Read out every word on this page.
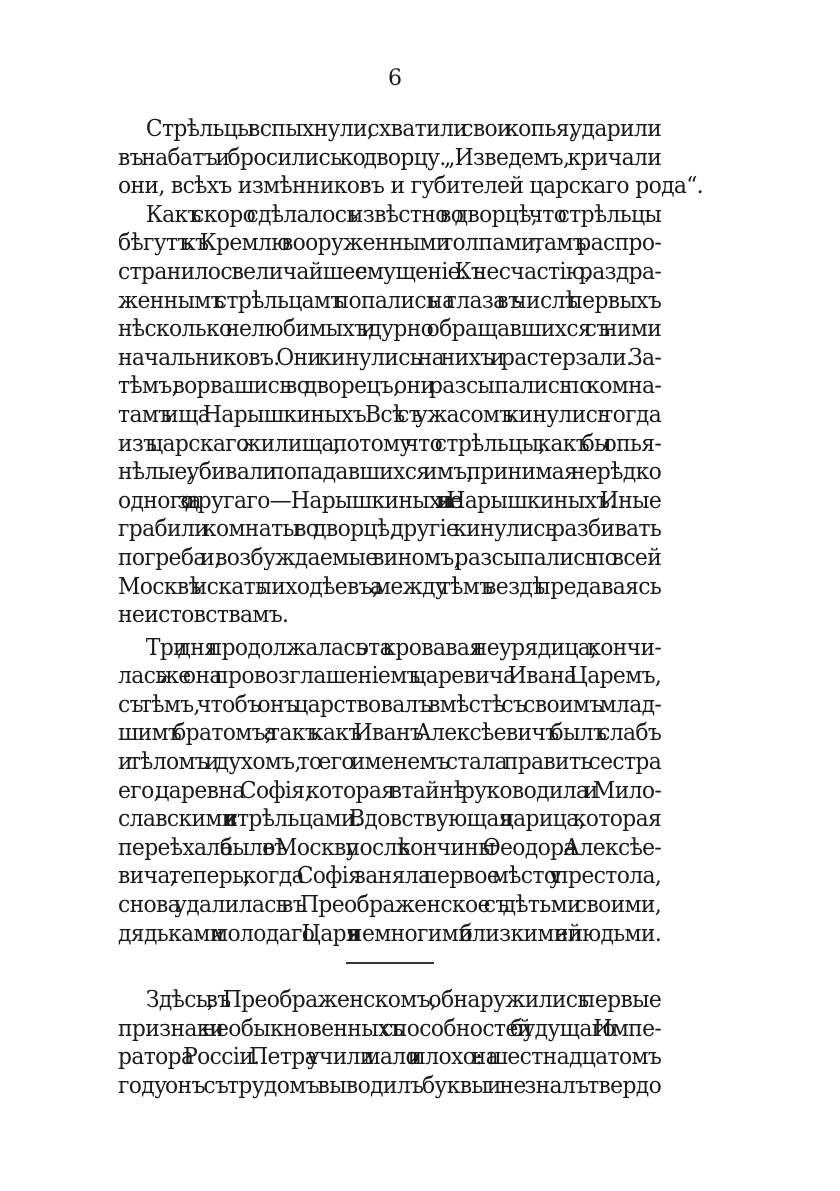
6
Стрѣльцы вспыхнули, схватили свои копья, ударили
въ набатъ и бросились ко дворцу. „Изведемъ, кричали
они, всѣхъ измѣнниковъ и губителей царскаго рода“.
Какъ скоро сдѣлалось извѣстно во дворцѣ, что стрѣльцы
бѣгутъ къ Кремлю вооруженными толпами, тамъ распро-
странилось величайшее смущеніе. Къ несчастію, раздра-
женнымъ стрѣльцамъ попались на глаза въ числѣ первыхъ
нѣсколько нелюбимыхъ и дурно обращавшихся съ ними
начальниковъ. Они кинулись на нихъ и растерзали. За-
тѣмъ, ворвашись во дворецъ, они разсыпались по комна-
тамъ ища Нарышкиныхъ. Всѣ съ ужасомъ кинулись тогда
изъ царскаго жилища, потому что стрѣльцы, какъ бы опья-
нѣлые, убивали попадавшихся имъ, принимая нерѣдко
одного за другаго—Нарышкиныхъ и не Нарышкиныхъ. Иные
грабили комнаты во дворцѣ, другіе кинулись разбивать
погреба и, возбуждаемые виномъ, разсыпались по всей
Москвѣ искать лиходѣевъ, а между тѣмъ вездѣ предаваясь
неистовствамъ.
Три дня продолжалась эта кровавая неурядица; кончи-
лась же она провозглашеніемъ царевича Ивана Царемъ,
съ тѣмъ, чтобъ онъ царствовалъ вмѣстѣ съ своимъ млад-
шимъ братомъ; а такъ какъ Иванъ Алексѣевичъ былъ слабъ
и тѣломъ и духомъ, то его именемъ стала править сестра
его, царевна Софія, которая втайнѣ руководила и Мило-
славскими и стрѣльцами. Вдовствующая царица, которая
переѣхала было въ Москву послѣ кончины Ѳеодора Алексѣе-
вича, теперь, когда Софія заняла первое мѣсто у престола,
снова удалилась въ Преображенское съ дѣтьми своими,
дядьками молодаго Царя и немногими близкими ей людьми.
Здѣсь, въ Преображенскомъ, обнаружились первые
признаки необыкновенныхъ способностей будущаго Импе-
ратора Россіи. Петра учили мало и плохо: на шестнадцатомъ
году онъ съ трудомъ выводилъ буквы и не зналъ твердо
